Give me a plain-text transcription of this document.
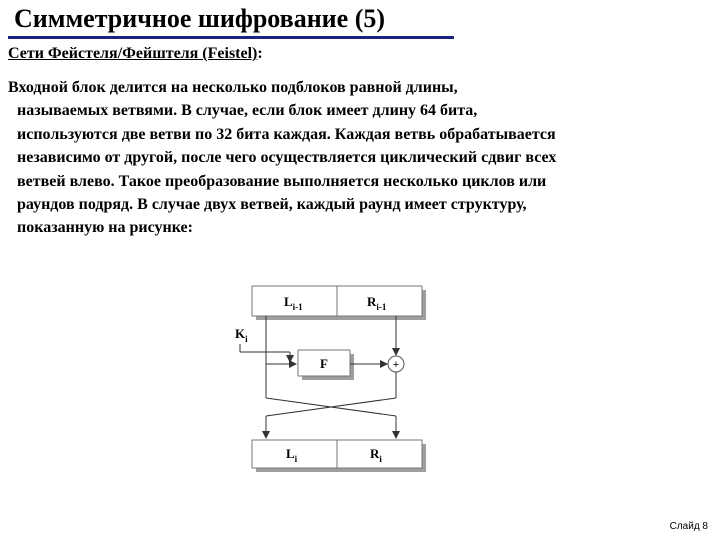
Симметричное шифрование (5)
Сети Фейстеля/Фейштеля (Feistel):
Входной блок делится на несколько подблоков равной длины,
называемых ветвями. В случае, если блок имеет длину 64 бита,
используются две ветви по 32 бита каждая. Каждая ветвь обрабатывается
независимо от другой, после чего осуществляется циклический сдвиг всех
ветвей влево. Такое преобразование выполняется несколько циклов или
раундов подряд. В случае двух ветвей, каждый раунд имеет структуру,
показанную на рисунке:
$L_{i-1}$	$R_{i-1}$
$K_i$
F	+
$L_i$	$R_i$
Слайд 8
